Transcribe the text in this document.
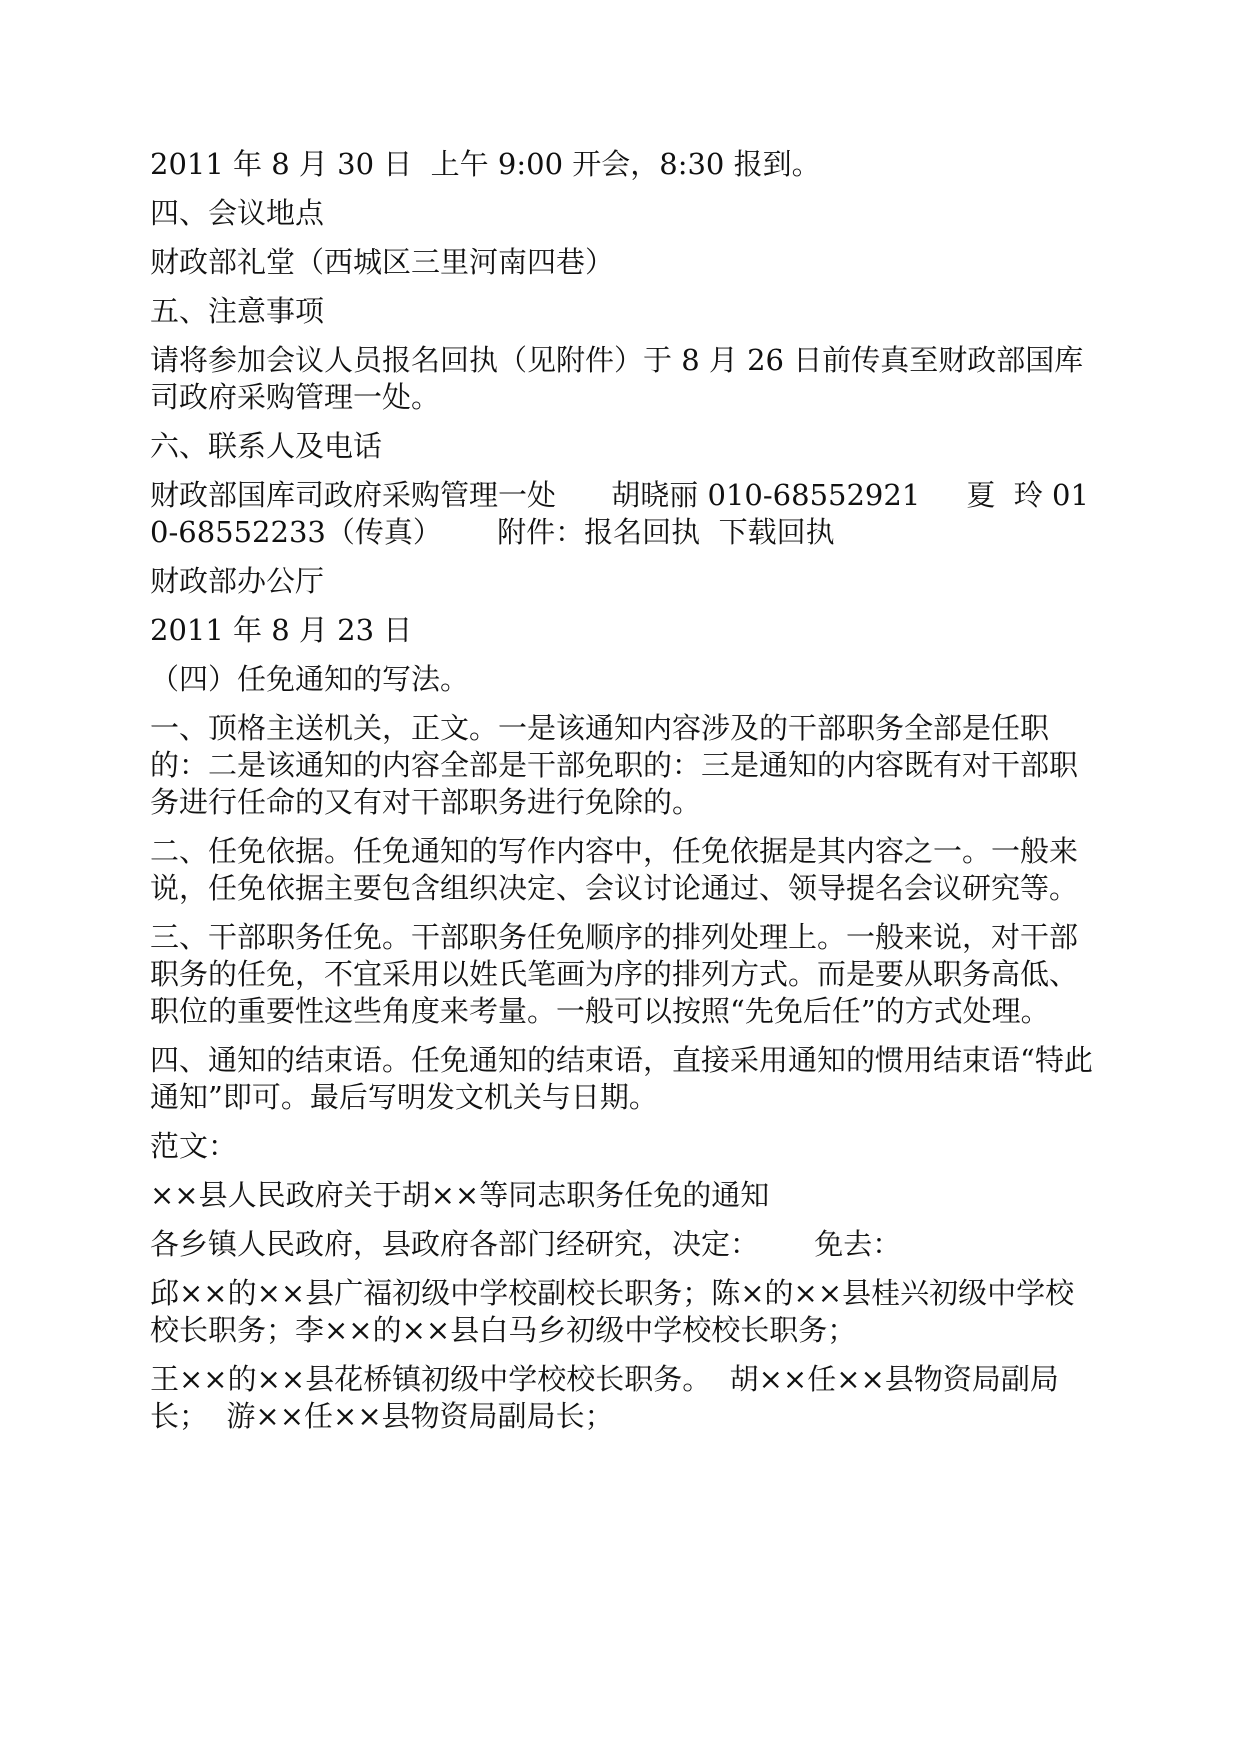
2011 年 8 月 30 日  上午 9:00 开会，8:30 报到。

四、会议地点

财政部礼堂（西城区三里河南四巷）

五、注意事项

请将参加会议人员报名回执（见附件）于 8 月 26 日前传真至财政部国库司政府采购管理一处。

六、联系人及电话

财政部国库司政府采购管理一处      胡晓丽 010-68552921     夏  玲 010-68552233（传真）      附件：报名回执  下载回执

财政部办公厅

2011 年 8 月 23 日

（四）任免通知的写法。

一、顶格主送机关，正文。一是该通知内容涉及的干部职务全部是任职的：二是该通知的内容全部是干部免职的：三是通知的内容既有对干部职务进行任命的又有对干部职务进行免除的。

二、任免依据。任免通知的写作内容中，任免依据是其内容之一。一般来说，任免依据主要包含组织决定、会议讨论通过、领导提名会议研究等。

三、干部职务任免。干部职务任免顺序的排列处理上。一般来说，对干部职务的任免，不宜采用以姓氏笔画为序的排列方式。而是要从职务高低、职位的重要性这些角度来考量。一般可以按照“先免后任”的方式处理。

四、通知的结束语。任免通知的结束语，直接采用通知的惯用结束语“特此通知”即可。最后写明发文机关与日期。

范文：

××县人民政府关于胡××等同志职务任免的通知

各乡镇人民政府，县政府各部门经研究，决定：      免去：

邱××的××县广福初级中学校副校长职务；陈×的××县桂兴初级中学校校长职务；李××的××县白马乡初级中学校校长职务；

王××的××县花桥镇初级中学校校长职务。  胡××任××县物资局副局长；  游××任××县物资局副局长；
